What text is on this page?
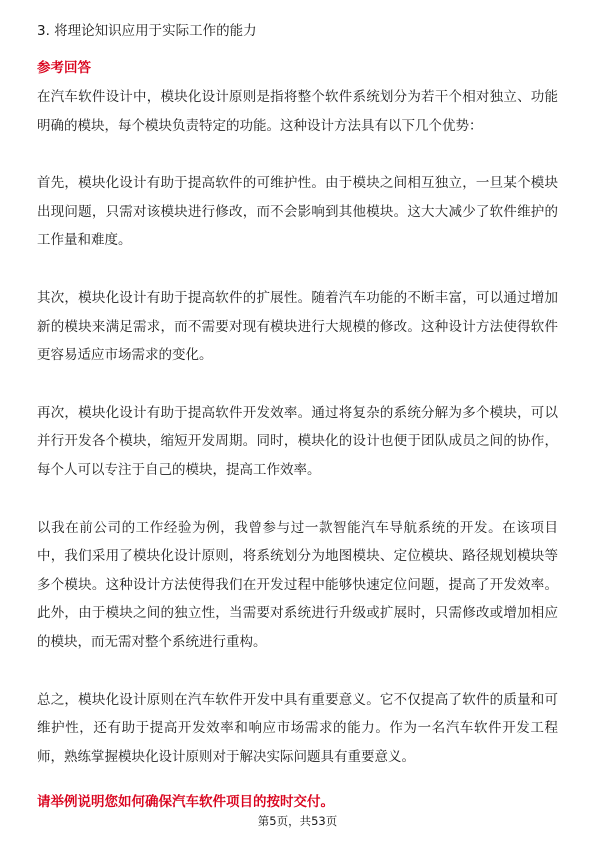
3. 将理论知识应用于实际工作的能力
参考回答

在汽车软件设计中，模块化设计原则是指将整个软件系统划分为若干个相对独立、功能明确的模块，每个模块负责特定的功能。这种设计方法具有以下几个优势：

首先，模块化设计有助于提高软件的可维护性。由于模块之间相互独立，一旦某个模块出现问题，只需对该模块进行修改，而不会影响到其他模块。这大大减少了软件维护的工作量和难度。

其次，模块化设计有助于提高软件的扩展性。随着汽车功能的不断丰富，可以通过增加新的模块来满足需求，而不需要对现有模块进行大规模的修改。这种设计方法使得软件更容易适应市场需求的变化。

再次，模块化设计有助于提高软件开发效率。通过将复杂的系统分解为多个模块，可以并行开发各个模块，缩短开发周期。同时，模块化的设计也便于团队成员之间的协作，每个人可以专注于自己的模块，提高工作效率。

以我在前公司的工作经验为例，我曾参与过一款智能汽车导航系统的开发。在该项目中，我们采用了模块化设计原则，将系统划分为地图模块、定位模块、路径规划模块等多个模块。这种设计方法使得我们在开发过程中能够快速定位问题，提高了开发效率。此外，由于模块之间的独立性，当需要对系统进行升级或扩展时，只需修改或增加相应的模块，而无需对整个系统进行重构。

总之，模块化设计原则在汽车软件开发中具有重要意义。它不仅提高了软件的质量和可维护性，还有助于提高开发效率和响应市场需求的能力。作为一名汽车软件开发工程师，熟练掌握模块化设计原则对于解决实际问题具有重要意义。

请举例说明您如何确保汽车软件项目的按时交付。
第5页，共53页
